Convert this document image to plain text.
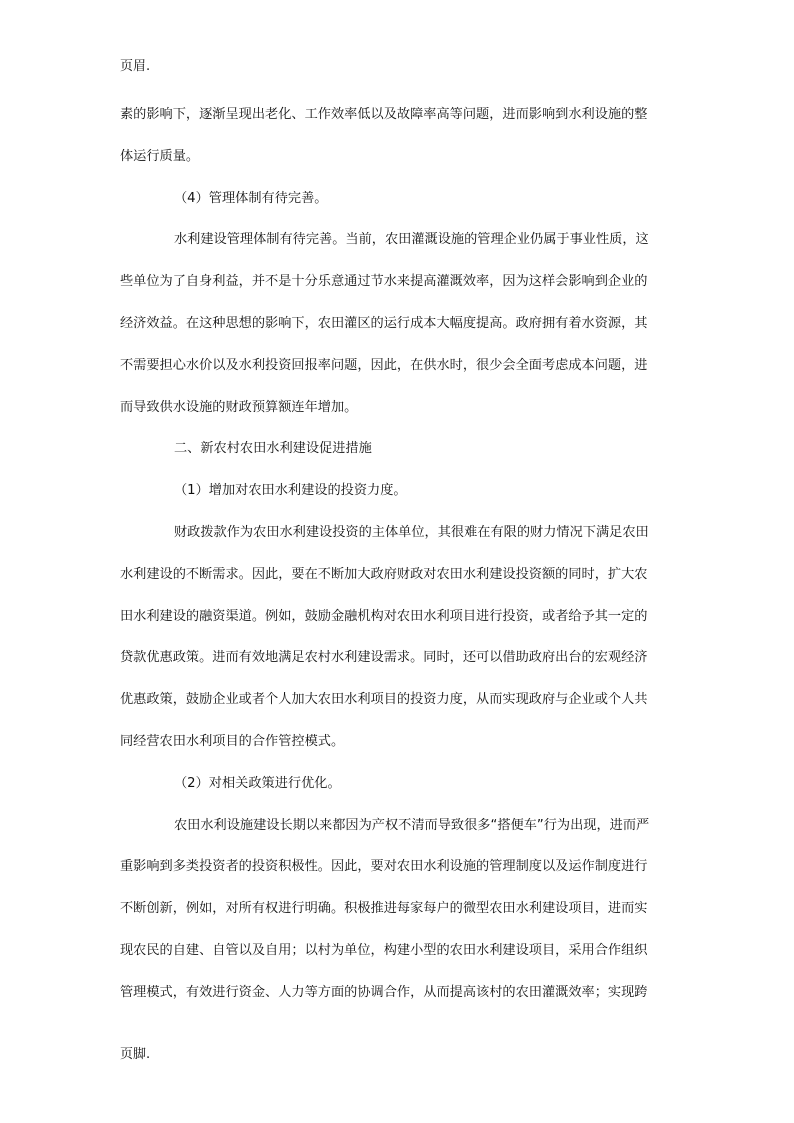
页眉.
素的影响下，逐渐呈现出老化、工作效率低以及故障率高等问题，进而影响到水利设施的整
体运行质量。
（4）管理体制有待完善。
水利建设管理体制有待完善。当前，农田灌溉设施的管理企业仍属于事业性质，这
些单位为了自身利益，并不是十分乐意通过节水来提高灌溉效率，因为这样会影响到企业的
经济效益。在这种思想的影响下，农田灌区的运行成本大幅度提高。政府拥有着水资源，其
不需要担心水价以及水利投资回报率问题，因此，在供水时，很少会全面考虑成本问题，进
而导致供水设施的财政预算额连年增加。
二、新农村农田水利建设促进措施
（1）增加对农田水利建设的投资力度。
财政拨款作为农田水利建设投资的主体单位，其很难在有限的财力情况下满足农田
水利建设的不断需求。因此，要在不断加大政府财政对农田水利建设投资额的同时，扩大农
田水利建设的融资渠道。例如，鼓励金融机构对农田水利项目进行投资，或者给予其一定的
贷款优惠政策。进而有效地满足农村水利建设需求。同时，还可以借助政府出台的宏观经济
优惠政策，鼓励企业或者个人加大农田水利项目的投资力度，从而实现政府与企业或个人共
同经营农田水利项目的合作管控模式。
（2）对相关政策进行优化。
农田水利设施建设长期以来都因为产权不清而导致很多“搭便车”行为出现，进而严
重影响到多类投资者的投资积极性。因此，要对农田水利设施的管理制度以及运作制度进行
不断创新，例如，对所有权进行明确。积极推进每家每户的微型农田水利建设项目，进而实
现农民的自建、自管以及自用；以村为单位，构建小型的农田水利建设项目，采用合作组织
管理模式，有效进行资金、人力等方面的协调合作，从而提高该村的农田灌溉效率；实现跨
页脚.
